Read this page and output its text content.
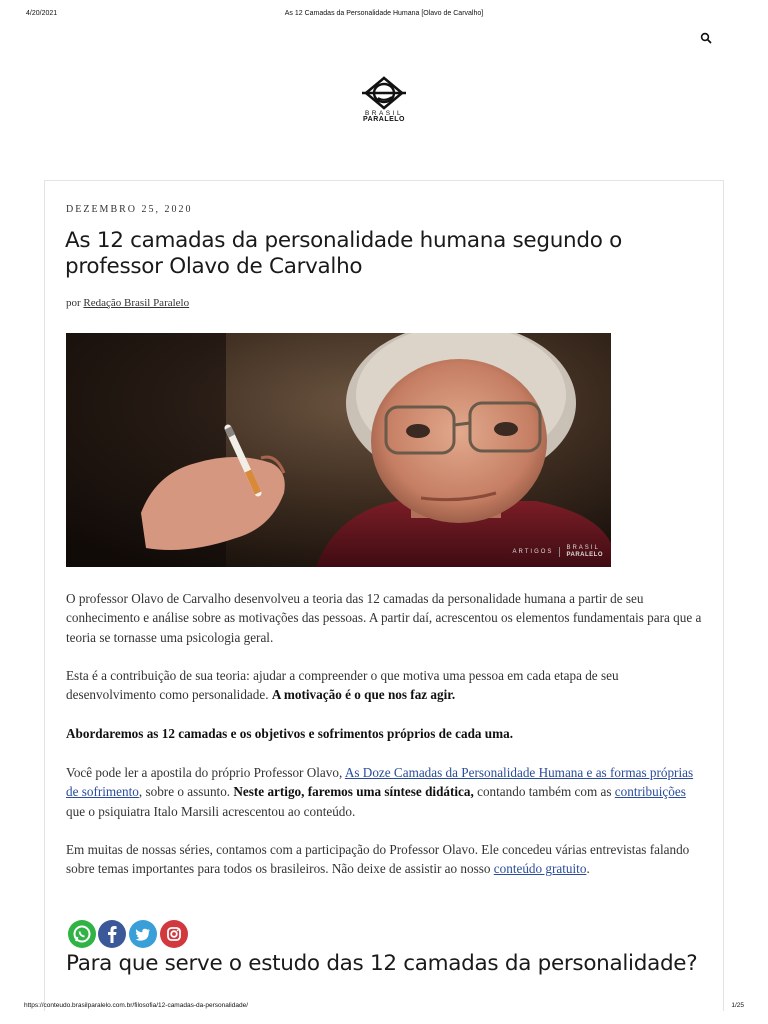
4/20/2021	As 12 Camadas da Personalidade Humana [Olavo de Carvalho]
BRASIL
PARALELO
DEZEMBRO 25, 2020
As 12 camadas da personalidade humana segundo o professor Olavo de Carvalho
por Redação Brasil Paralelo
ARTIGOS
BRASIL
PARALELO

O professor Olavo de Carvalho desenvolveu a teoria das 12 camadas da personalidade humana a partir de seu conhecimento e análise sobre as motivações das pessoas. A partir daí, acrescentou os elementos fundamentais para que a teoria se tornasse uma psicologia geral.

Esta é a contribuição de sua teoria: ajudar a compreender o que motiva uma pessoa em cada etapa de seu desenvolvimento como personalidade. A motivação é o que nos faz agir.

Abordaremos as 12 camadas e os objetivos e sofrimentos próprios de cada uma.

Você pode ler a apostila do próprio Professor Olavo, As Doze Camadas da Personalidade Humana e as formas próprias de sofrimento, sobre o assunto. Neste artigo, faremos uma síntese didática, contando também com as contribuições que o psiquiatra Italo Marsili acrescentou ao conteúdo.

Em muitas de nossas séries, contamos com a participação do Professor Olavo. Ele concedeu várias entrevistas falando sobre temas importantes para todos os brasileiros. Não deixe de assistir ao nosso conteúdo gratuito.

Para que serve o estudo das 12 camadas da personalidade?
https://conteudo.brasilparalelo.com.br/filosofia/12-camadas-da-personalidade/	1/25
